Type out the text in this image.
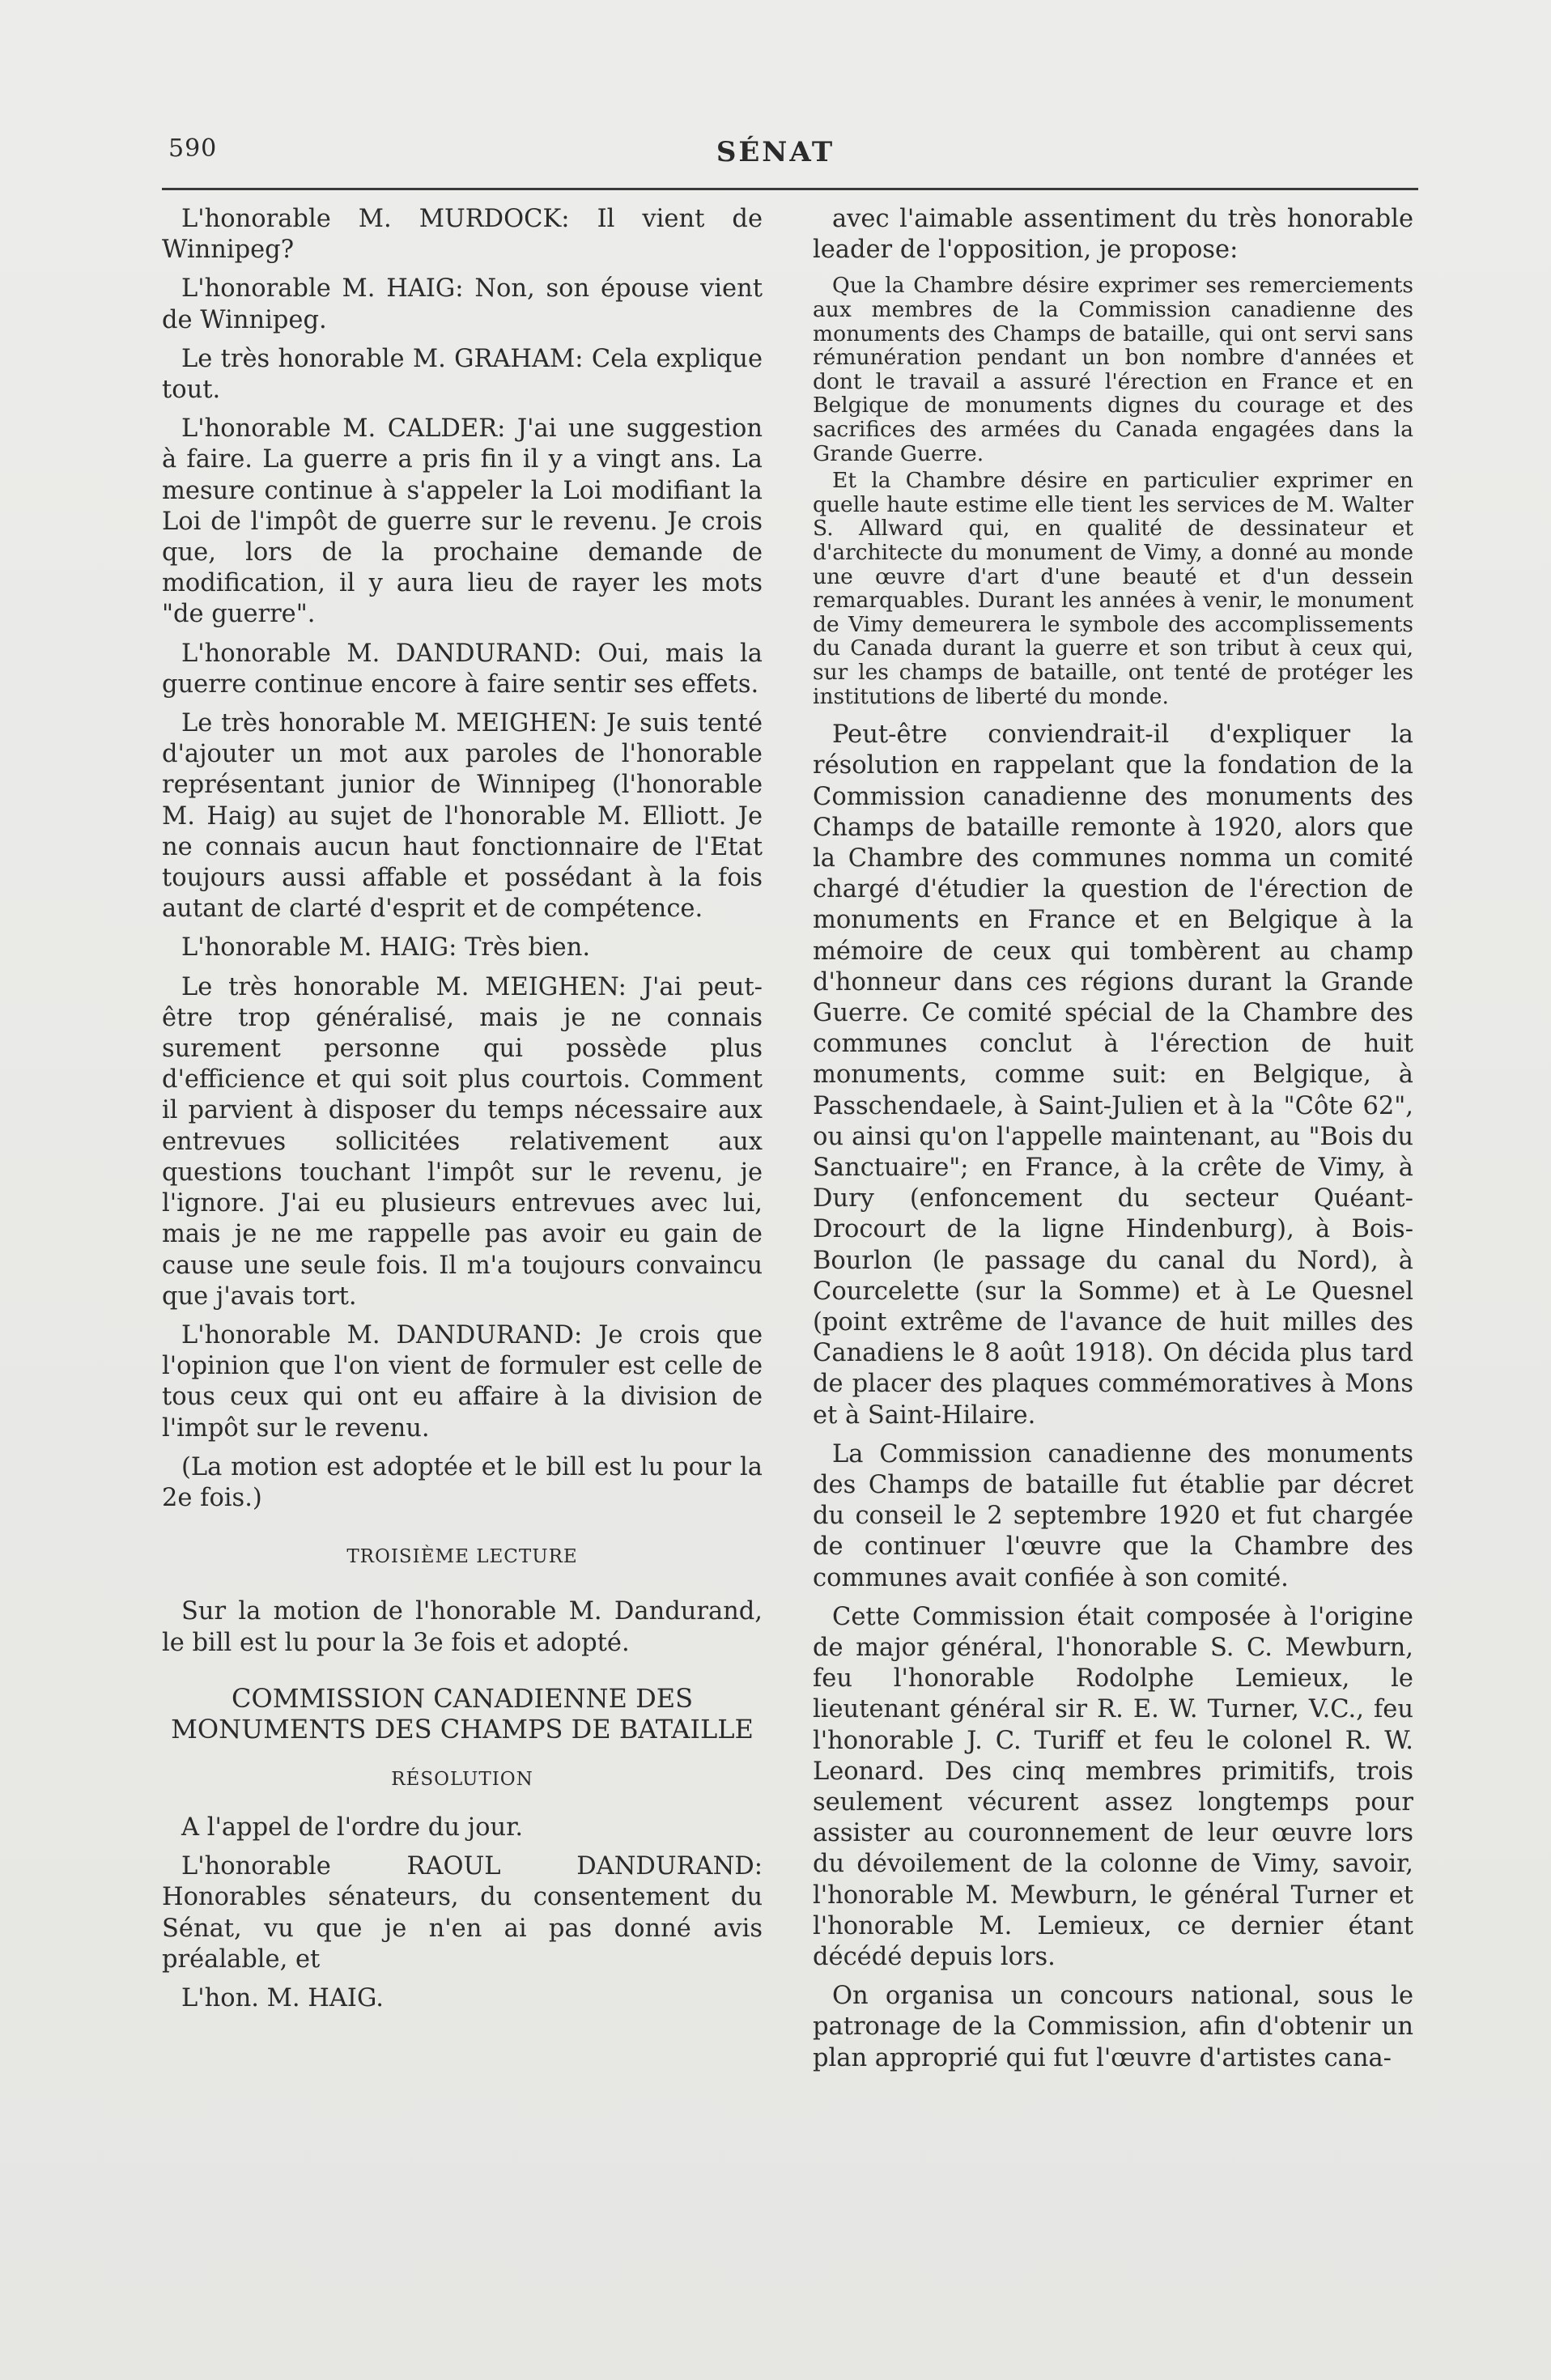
590	SÉNAT

L'honorable M. MURDOCK: Il vient de Winnipeg?

L'honorable M. HAIG: Non, son épouse vient de Winnipeg.

Le très honorable M. GRAHAM: Cela explique tout.

L'honorable M. CALDER: J'ai une suggestion à faire. La guerre a pris fin il y a vingt ans. La mesure continue à s'appeler la Loi modifiant la Loi de l'impôt de guerre sur le revenu. Je crois que, lors de la prochaine demande de modification, il y aura lieu de rayer les mots "de guerre".

L'honorable M. DANDURAND: Oui, mais la guerre continue encore à faire sentir ses effets.

Le très honorable M. MEIGHEN: Je suis tenté d'ajouter un mot aux paroles de l'honorable représentant junior de Winnipeg (l'honorable M. Haig) au sujet de l'honorable M. Elliott. Je ne connais aucun haut fonctionnaire de l'Etat toujours aussi affable et possédant à la fois autant de clarté d'esprit et de compétence.

L'honorable M. HAIG: Très bien.

Le très honorable M. MEIGHEN: J'ai peut-être trop généralisé, mais je ne connais surement personne qui possède plus d'efficience et qui soit plus courtois. Comment il parvient à disposer du temps nécessaire aux entrevues sollicitées relativement aux questions touchant l'impôt sur le revenu, je l'ignore. J'ai eu plusieurs entrevues avec lui, mais je ne me rappelle pas avoir eu gain de cause une seule fois. Il m'a toujours convaincu que j'avais tort.

L'honorable M. DANDURAND: Je crois que l'opinion que l'on vient de formuler est celle de tous ceux qui ont eu affaire à la division de l'impôt sur le revenu.

(La motion est adoptée et le bill est lu pour la 2e fois.)

TROISIÈME LECTURE

Sur la motion de l'honorable M. Dandurand, le bill est lu pour la 3e fois et adopté.

COMMISSION CANADIENNE DES MONUMENTS DES CHAMPS DE BATAILLE
RÉSOLUTION

A l'appel de l'ordre du jour.

L'honorable RAOUL DANDURAND: Honorables sénateurs, du consentement du Sénat, vu que je n'en ai pas donné avis préalable, et

L'hon. M. HAIG.

avec l'aimable assentiment du très honorable leader de l'opposition, je propose:

Que la Chambre désire exprimer ses remerciements aux membres de la Commission canadienne des monuments des Champs de bataille, qui ont servi sans rémunération pendant un bon nombre d'années et dont le travail a assuré l'érection en France et en Belgique de monuments dignes du courage et des sacrifices des armées du Canada engagées dans la Grande Guerre.

Et la Chambre désire en particulier exprimer en quelle haute estime elle tient les services de M. Walter S. Allward qui, en qualité de dessinateur et d'architecte du monument de Vimy, a donné au monde une œuvre d'art d'une beauté et d'un dessein remarquables. Durant les années à venir, le monument de Vimy demeurera le symbole des accomplissements du Canada durant la guerre et son tribut à ceux qui, sur les champs de bataille, ont tenté de protéger les institutions de liberté du monde.

Peut-être conviendrait-il d'expliquer la résolution en rappelant que la fondation de la Commission canadienne des monuments des Champs de bataille remonte à 1920, alors que la Chambre des communes nomma un comité chargé d'étudier la question de l'érection de monuments en France et en Belgique à la mémoire de ceux qui tombèrent au champ d'honneur dans ces régions durant la Grande Guerre. Ce comité spécial de la Chambre des communes conclut à l'érection de huit monuments, comme suit: en Belgique, à Passchendaele, à Saint-Julien et à la "Côte 62", ou ainsi qu'on l'appelle maintenant, au "Bois du Sanctuaire"; en France, à la crête de Vimy, à Dury (enfoncement du secteur Quéant-Drocourt de la ligne Hindenburg), à Bois-Bourlon (le passage du canal du Nord), à Courcelette (sur la Somme) et à Le Quesnel (point extrême de l'avance de huit milles des Canadiens le 8 août 1918). On décida plus tard de placer des plaques commémoratives à Mons et à Saint-Hilaire.

La Commission canadienne des monuments des Champs de bataille fut établie par décret du conseil le 2 septembre 1920 et fut chargée de continuer l'œuvre que la Chambre des communes avait confiée à son comité.

Cette Commission était composée à l'origine de major général, l'honorable S. C. Mewburn, feu l'honorable Rodolphe Lemieux, le lieutenant général sir R. E. W. Turner, V.C., feu l'honorable J. C. Turiff et feu le colonel R. W. Leonard. Des cinq membres primitifs, trois seulement vécurent assez longtemps pour assister au couronnement de leur œuvre lors du dévoilement de la colonne de Vimy, savoir, l'honorable M. Mewburn, le général Turner et l'honorable M. Lemieux, ce dernier étant décédé depuis lors.

On organisa un concours national, sous le patronage de la Commission, afin d'obtenir un plan approprié qui fut l'œuvre d'artistes cana-
